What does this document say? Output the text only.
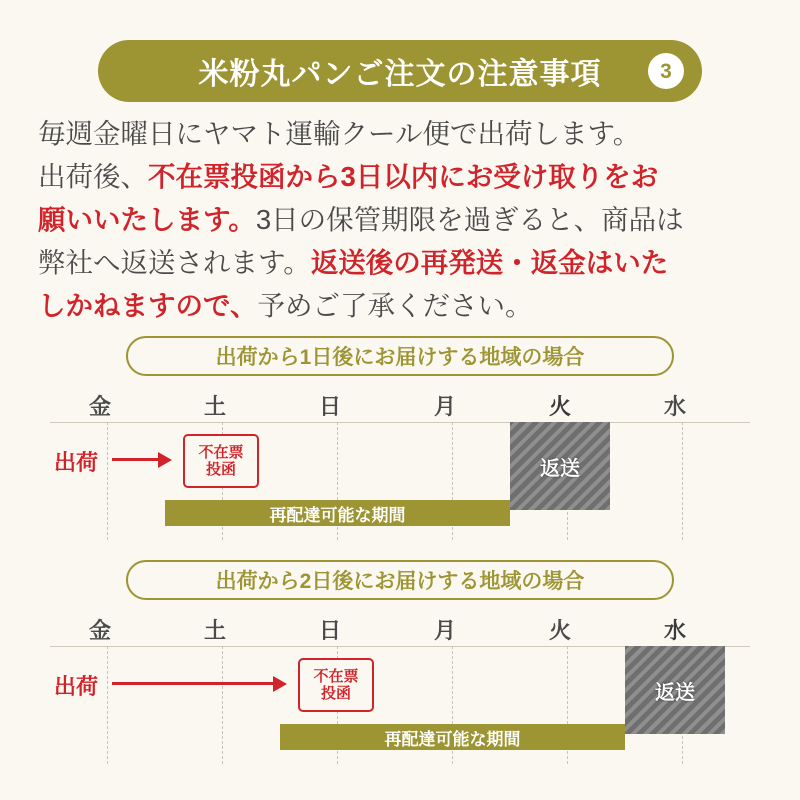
米粉丸パンご注文の注意事項	3
毎週金曜日にヤマト運輸クール便で出荷します。
出荷後、不在票投函から3日以内にお受け取りをお
願いいたします。3日の保管期限を過ぎると、商品は
弊社へ返送されます。返送後の再発送・返金はいた
しかねますので、予めご了承ください。
出荷から1日後にお届けする地域の場合
金	土	日	月	火	水
返送
出荷	不在票
投函
再配達可能な期間
出荷から2日後にお届けする地域の場合
金	土	日	月	火	水
返送
出荷	不在票
投函
再配達可能な期間
